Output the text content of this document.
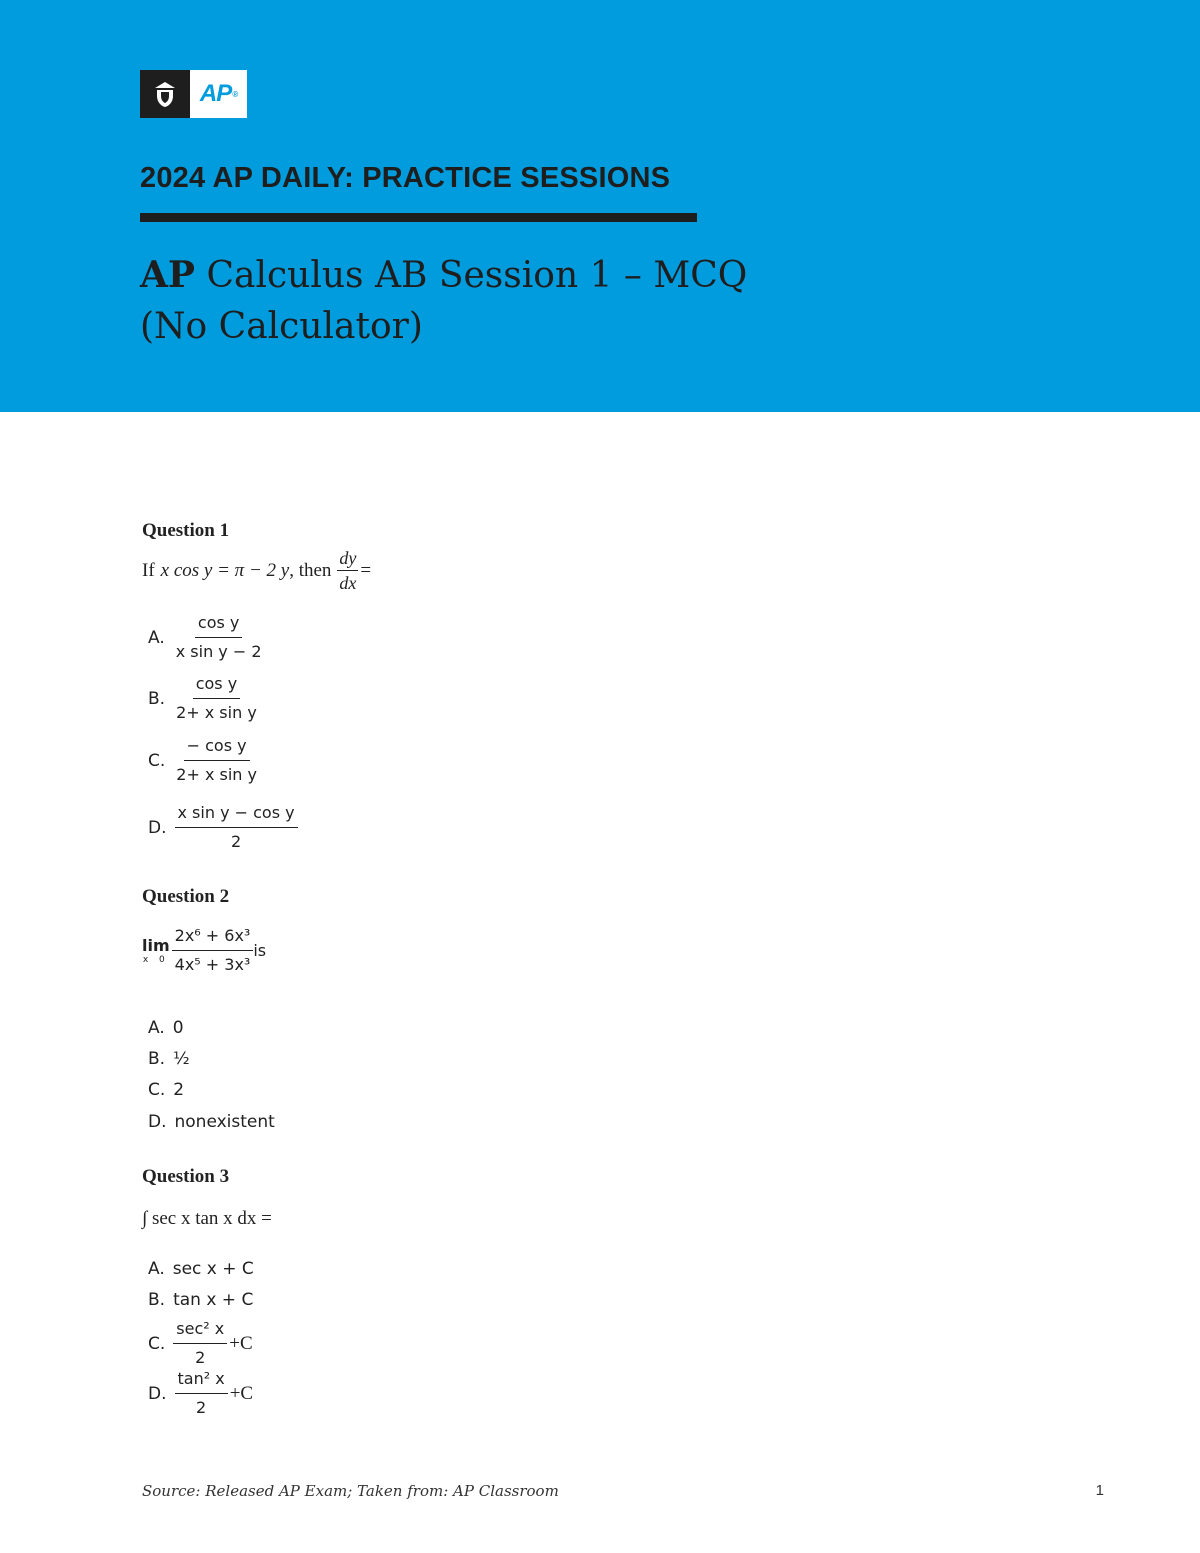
AP ®
2024 AP DAILY: PRACTICE SESSIONS
AP Calculus AB Session 1 – MCQ
(No Calculator)
Question 1
If x cos y = π − 2 y , then $\frac{dy}{dx}$ =
A. $\frac{\text{cos y}}{\text{x sin y − 2}}$
B. $\frac{\text{cos y}}{\text{2+ x sin y}}$
C. $\frac{\text{− cos y}}{\text{2+ x sin y}}$
D. $\frac{\text{x sin y − cos y}}{2}$
Question 2
lim
x $0 \frac{\text{2x⁶ + 6x³}}{\text{4x⁵ + 3x³}}$ is
A. 0
B. ½
C. 2
D. nonexistent
Question 3
∫ sec x tan x dx =
A. sec x + C
B. tan x + C
C. $\frac{\text{sec² x}}{2} +C$
D. $\frac{\text{tan² x}}{2} +C$
Source: Released AP Exam; Taken from: AP Classroom	1
